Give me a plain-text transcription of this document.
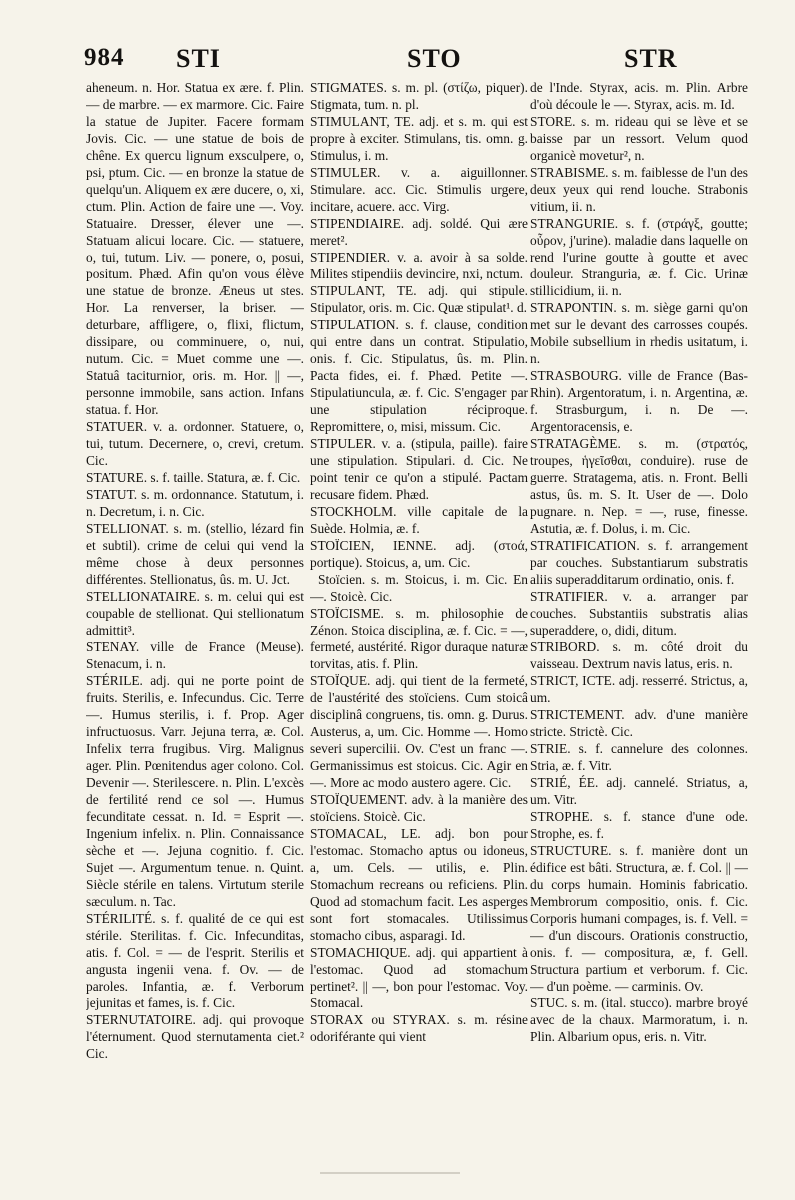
984 STI	STO	STR

aheneum. n. Hor. Statua ex ære. f. Plin. — de marbre. — ex marmore. Cic. Faire la statue de Jupiter. Facere formam Jovis. Cic. — une statue de bois de chêne. Ex quercu lignum exsculpere, o, psi, ptum. Cic. — en bronze la statue de quelqu'un. Aliquem ex ære ducere, o, xi, ctum. Plin. Action de faire une —. Voy. Statuaire. Dresser, élever une —. Statuam alicui locare. Cic. — statuere, o, tui, tutum. Liv. — ponere, o, posui, positum. Phæd. Afin qu'on vous élève une statue de bronze. Æneus ut stes. Hor. La renverser, la briser. — deturbare, affligere, o, flixi, flictum, dissipare, ou comminuere, o, nui, nutum. Cic. = Muet comme une —. Statuâ taciturnior, oris. m. Hor. || —, personne immobile, sans action. Infans statua. f. Hor.

STATUER. v. a. ordonner. Statuere, o, tui, tutum. Decernere, o, crevi, cretum. Cic.

STATURE. s. f. taille. Statura, æ. f. Cic.

STATUT. s. m. ordonnance. Statutum, i. n. Decretum, i. n. Cic.

STELLIONAT. s. m. (stellio, lézard fin et subtil). crime de celui qui vend la même chose à deux personnes différentes. Stellionatus, ûs. m. U. Jct.

STELLIONATAIRE. s. m. celui qui est coupable de stellionat. Qui stellionatum admittit³.

STENAY. ville de France (Meuse). Stenacum, i. n.

STÉRILE. adj. qui ne porte point de fruits. Sterilis, e. Infecundus. Cic. Terre —. Humus sterilis, i. f. Prop. Ager infructuosus. Varr. Jejuna terra, æ. Col. Infelix terra frugibus. Virg. Malignus ager. Plin. Pœnitendus ager colono. Col. Devenir —. Sterilescere. n. Plin. L'excès de fertilité rend ce sol —. Humus fecunditate cessat. n. Id. = Esprit —. Ingenium infelix. n. Plin. Connaissance sèche et —. Jejuna cognitio. f. Cic. Sujet —. Argumentum tenue. n. Quint. Siècle stérile en talens. Virtutum sterile sæculum. n. Tac.

STÉRILITÉ. s. f. qualité de ce qui est stérile. Sterilitas. f. Cic. Infecunditas, atis. f. Col. = — de l'esprit. Sterilis et angusta ingenii vena. f. Ov. — de paroles. Infantia, æ. f. Verborum jejunitas et fames, is. f. Cic.

STERNUTATOIRE. adj. qui provoque l'éternument. Quod sternutamenta ciet.² Cic.

STIGMATES. s. m. pl. (στίζω, piquer). Stigmata, tum. n. pl.

STIMULANT, TE. adj. et s. m. qui est propre à exciter. Stimulans, tis. omn. g. Stimulus, i. m.

STIMULER. v. a. aiguillonner. Stimulare. acc. Cic. Stimulis urgere, incitare, acuere. acc. Virg.

STIPENDIAIRE. adj. soldé. Qui ære meret².

STIPENDIER. v. a. avoir à sa solde. Milites stipendiis devincire, nxi, nctum.

STIPULANT, TE. adj. qui stipule. Stipulator, oris. m. Cic. Quæ stipulat¹. d.

STIPULATION. s. f. clause, condition qui entre dans un contrat. Stipulatio, onis. f. Cic. Stipulatus, ûs. m. Plin. Pacta fides, ei. f. Phæd. Petite —. Stipulatiuncula, æ. f. Cic. S'engager par une stipulation réciproque. Repromittere, o, misi, missum. Cic.

STIPULER. v. a. (stipula, paille). faire une stipulation. Stipulari. d. Cic. Ne point tenir ce qu'on a stipulé. Pactam recusare fidem. Phæd.

STOCKHOLM. ville capitale de la Suède. Holmia, æ. f.

STOÏCIEN, IENNE. adj. (στοά, portique). Stoicus, a, um. Cic.

Stoïcien. s. m. Stoicus, i. m. Cic. En —. Stoicè. Cic.

STOÏCISME. s. m. philosophie de Zénon. Stoica disciplina, æ. f. Cic. = —, fermeté, austérité. Rigor duraque naturæ torvitas, atis. f. Plin.

STOÏQUE. adj. qui tient de la fermeté, de l'austérité des stoïciens. Cum stoicâ disciplinâ congruens, tis. omn. g. Durus. Austerus, a, um. Cic. Homme —. Homo severi supercilii. Ov. C'est un franc —. Germanissimus est stoicus. Cic. Agir en —. More ac modo austero agere. Cic.

STOÏQUEMENT. adv. à la manière des stoïciens. Stoicè. Cic.

STOMACAL, LE. adj. bon pour l'estomac. Stomacho aptus ou idoneus, a, um. Cels. — utilis, e. Plin. Stomachum recreans ou reficiens. Plin. Quod ad stomachum facit. Les asperges sont fort stomacales. Utilissimus stomacho cibus, asparagi. Id.

STOMACHIQUE. adj. qui appartient à l'estomac. Quod ad stomachum pertinet². || —, bon pour l'estomac. Voy. Stomacal.

STORAX ou STYRAX. s. m. résine odoriférante qui vient

de l'Inde. Styrax, acis. m. Plin. Arbre d'où découle le —. Styrax, acis. m. Id.

STORE. s. m. rideau qui se lève et se baisse par un ressort. Velum quod organicè movetur², n.

STRABISME. s. m. faiblesse de l'un des deux yeux qui rend louche. Strabonis vitium, ii. n.

STRANGURIE. s. f. (στράγξ, goutte; οὖρον, j'urine). maladie dans laquelle on rend l'urine goutte à goutte et avec douleur. Stranguria, æ. f. Cic. Urinæ stillicidium, ii. n.

STRAPONTIN. s. m. siège garni qu'on met sur le devant des carrosses coupés. Mobile subsellium in rhedis usitatum, i. n.

STRASBOURG. ville de France (Bas-Rhin). Argentoratum, i. n. Argentina, æ. f. Strasburgum, i. n. De —. Argentoracensis, e.

STRATAGÈME. s. m. (στρατός, troupes, ἡγεῖσθαι, conduire). ruse de guerre. Stratagema, atis. n. Front. Belli astus, ûs. m. S. It. User de —. Dolo pugnare. n. Nep. = —, ruse, finesse. Astutia, æ. f. Dolus, i. m. Cic.

STRATIFICATION. s. f. arrangement par couches. Substantiarum substratis aliis superadditarum ordinatio, onis. f.

STRATIFIER. v. a. arranger par couches. Substantiis substratis alias superaddere, o, didi, ditum.

STRIBORD. s. m. côté droit du vaisseau. Dextrum navis latus, eris. n.

STRICT, ICTE. adj. resserré. Strictus, a, um.

STRICTEMENT. adv. d'une manière stricte. Strictè. Cic.

STRIE. s. f. cannelure des colonnes. Stria, æ. f. Vitr.

STRIÉ, ÉE. adj. cannelé. Striatus, a, um. Vitr.

STROPHE. s. f. stance d'une ode. Strophe, es. f.

STRUCTURE. s. f. manière dont un édifice est bâti. Structura, æ. f. Col. || — du corps humain. Hominis fabricatio. Membrorum compositio, onis. f. Cic. Corporis humani compages, is. f. Vell. = — d'un discours. Orationis constructio, onis. f. — compositura, æ, f. Gell. Structura partium et verborum. f. Cic. — d'un poème. — carminis. Ov.

STUC. s. m. (ital. stucco). marbre broyé avec de la chaux. Marmoratum, i. n. Plin. Albarium opus, eris. n. Vitr.
